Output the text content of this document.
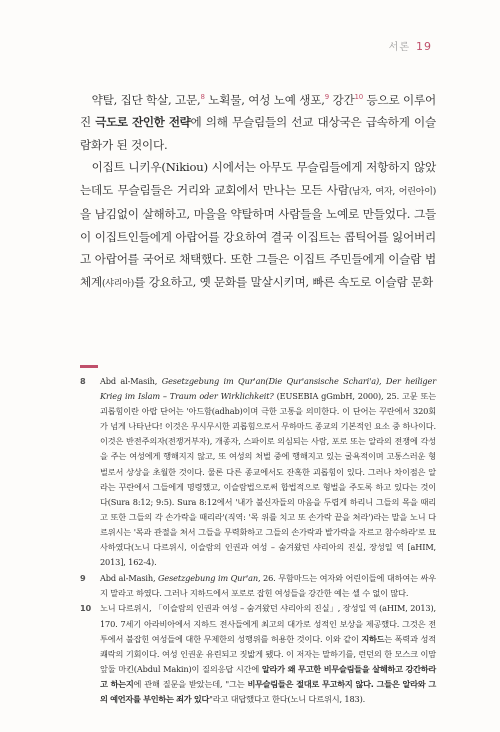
서론 19

약탈, 집단 학살, 고문,$^8$ 노획물, 여성 노예 생포,$^9$ 강간$^{10}$ 등으로 이루어진 극도로 잔인한 전략에 의해 무슬림들의 선교 대상국은 급속하게 이슬람화가 된 것이다.

이집트 니키우(Nikiou) 시에서는 아무도 무슬림들에게 저항하지 않았는데도 무슬림들은 거리와 교회에서 만나는 모든 사람(남자, 여자, 어린아이)을 남김없이 살해하고, 마을을 약탈하며 사람들을 노예로 만들었다. 그들이 이집트인들에게 아랍어를 강요하여 결국 이집트는 콥틱어를 잃어버리고 아랍어를 국어로 채택했다. 또한 그들은 이집트 주민들에게 이슬람 법체계(샤리아)를 강요하고, 옛 문화를 말살시키며, 빠른 속도로 이슬람 문화

8 Abd al-Masih, Gesetzgebung im Qur'an(Die Qur'ansische Schari'a), Der heiliger Krieg im Islam – Traum oder Wirklichkeit? (EUSEBIA gGmbH, 2000), 25. 고문 또는 괴롭힘이란 아랍 단어는 '아드함(adhab)이며 극한 고통을 의미한다. 이 단어는 꾸란에서 320회가 넘게 나타난다! 이것은 무시무시한 괴롭힘으로서 무하마드 종교의 기본적인 요소 중 하나이다. 이것은 반전주의자(전쟁거부자), 개종자, 스파이로 의심되는 사람, 포로 또는 알라의 전쟁에 각성을 주는 여성에게 행해지지 않고, 또 여성의 처벌 중에 행해지고 있는 굴욕적이며 고통스러운 형벌로서 상상을 초월한 것이다. 물론 다른 종교에서도 잔혹한 괴롭힘이 있다. 그러나 차이점은 알라는 꾸란에서 그들에게 명령했고, 이슬람법으로써 합법적으로 형벌을 주도록 하고 있다는 것이다(Sura 8:12; 9:5). Sura 8:12에서 '내가 불신자들의 마음을 두렵게 하리니 그들의 목을 때리고 또한 그들의 각 손가락을 때리라'(직역: '목 위를 치고 또 손가락 끝을 쳐라')라는 말을 노니 다르위시는 '목과 관절을 쳐서 그들을 무력화하고 그들의 손가락과 발가락을 자르고 참수하라'로 묘사하였다(노니 다르위시, 이슬람의 인권과 여성 – 숨겨왔던 샤리아의 진실, 장성일 역 [aHIM, 2013], 162-4).
9 Abd al-Masih, Gesetzgebung im Qur'an, 26. 무함마드는 여자와 어린이들에 대하여는 싸우지 말라고 하였다. 그러나 지하드에서 포로로 잡힌 여성들을 강간한 예는 셀 수 없이 많다.
10 노니 다르위시, 「이슬람의 인권과 여성 – 숨겨왔던 샤리아의 진실」, 장성일 역 (aHIM, 2013), 170. 7세기 아라비아에서 지하드 전사들에게 최고의 대가로 성적인 보상을 제공했다. 그것은 전투에서 불잡힌 여성들에 대한 무제한의 성행위를 허용한 것이다. 이와 같이 지하드는 폭력과 성적 쾌락의 기회이다. 여성 인권운 유린되고 짓밟게 됐다. 이 저자는 말하기를, 런던의 한 모스크 이맘 앞둘 마킨(Abdul Makin)이 질의응답 시간에 알라가 왜 무고한 비무슬림들을 살해하고 강간하라고 하는지에 관해 질문을 받았는데, "그는 비무슬림들은 절대로 무고하지 않다. 그들은 알라와 그의 예언자를 부인하는 죄가 있다"라고 대답했다고 한다(노니 다르위시, 183).
